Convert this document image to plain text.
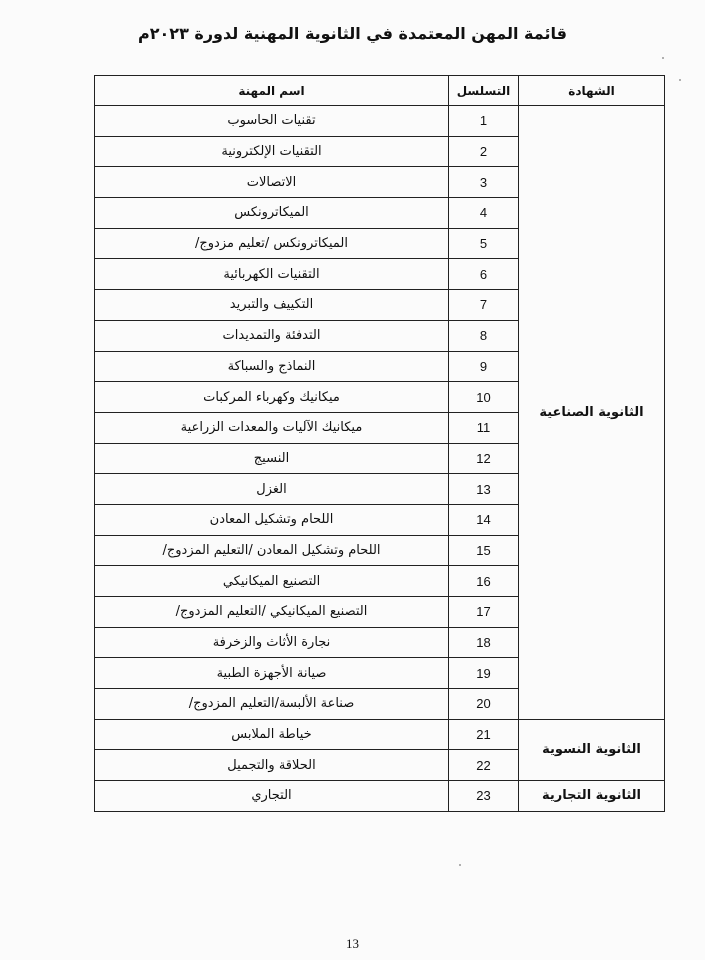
قائمة المهن المعتمدة في الثانوية المهنية لدورة ٢٠٢٣م
الشهادة	التسلسل	اسم المهنة
الثانوية الصناعية	1	تقنيات الحاسوب
	2	التقنيات الإلكترونية
	3	الاتصالات
	4	الميكاترونكس
	5	الميكاترونكس /تعليم مزدوج/
	6	التقنيات الكهربائية
	7	التكييف والتبريد
	8	التدفئة والتمديدات
	9	النماذج والسباكة
	10	ميكانيك وكهرباء المركبات
	11	ميكانيك الآليات والمعدات الزراعية
	12	النسيج
	13	الغزل
	14	اللحام وتشكيل المعادن
	15	اللحام وتشكيل المعادن /التعليم المزدوج/
	16	التصنيع الميكانيكي
	17	التصنيع الميكانيكي /التعليم المزدوج/
	18	نجارة الأثاث والزخرفة
	19	صيانة الأجهزة الطبية
	20	صناعة الألبسة/التعليم المزدوج/
الثانوية النسوية	21	خياطة الملابس
	22	الحلاقة والتجميل
الثانوية التجارية	23	التجاري
13
